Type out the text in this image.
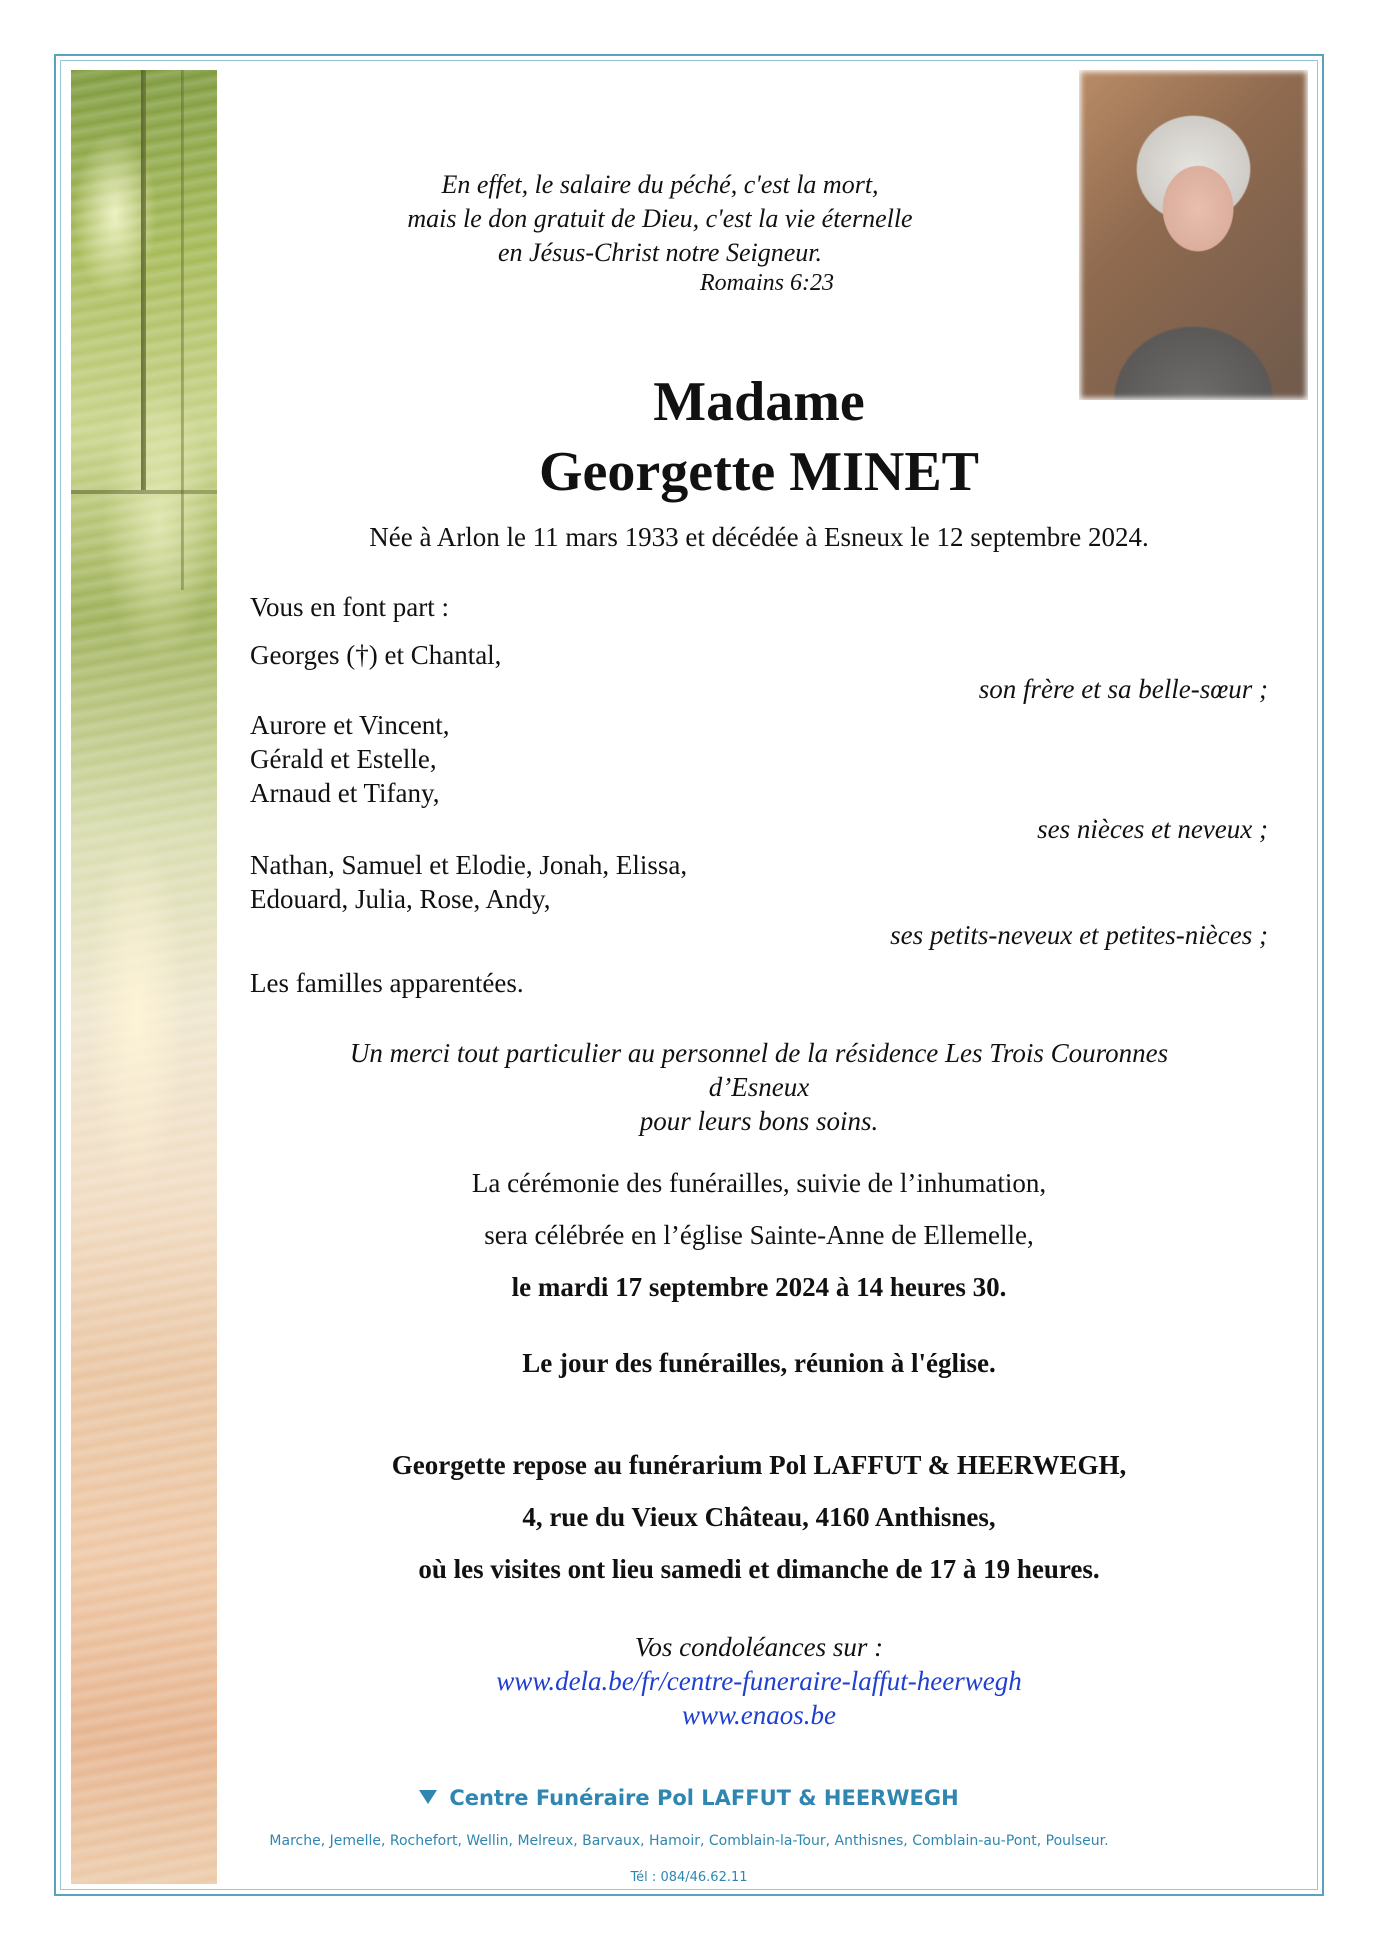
En effet, le salaire du péché, c'est la mort,
mais le don gratuit de Dieu, c'est la vie éternelle
en Jésus-Christ notre Seigneur.
Romains 6:23
Madame
Georgette MINET
Née à Arlon le 11 mars 1933 et décédée à Esneux le 12 septembre 2024.
Vous en font part :
Georges (†) et Chantal,
son frère et sa belle-sœur ;
Aurore et Vincent,
Gérald et Estelle,
Arnaud et Tifany,
ses nièces et neveux ;
Nathan, Samuel et Elodie, Jonah, Elissa,
Edouard, Julia, Rose, Andy,
ses petits-neveux et petites-nièces ;
Les familles apparentées.
Un merci tout particulier au personnel de la résidence Les Trois Couronnes
d’Esneux
pour leurs bons soins.
La cérémonie des funérailles, suivie de l’inhumation,
sera célébrée en l’église Sainte-Anne de Ellemelle,
le mardi 17 septembre 2024 à 14 heures 30.
Le jour des funérailles, réunion à l'église.
Georgette repose au funérarium Pol LAFFUT & HEERWEGH,
4, rue du Vieux Château, 4160 Anthisnes,
où les visites ont lieu samedi et dimanche de 17 à 19 heures.
Vos condoléances sur :
www.dela.be/fr/centre-funeraire-laffut-heerwegh
www.enaos.be
Centre Funéraire Pol LAFFUT & HEERWEGH
Marche, Jemelle, Rochefort, Wellin, Melreux, Barvaux, Hamoir, Comblain-la-Tour, Anthisnes, Comblain-au-Pont, Poulseur.
Tél : 084/46.62.11
